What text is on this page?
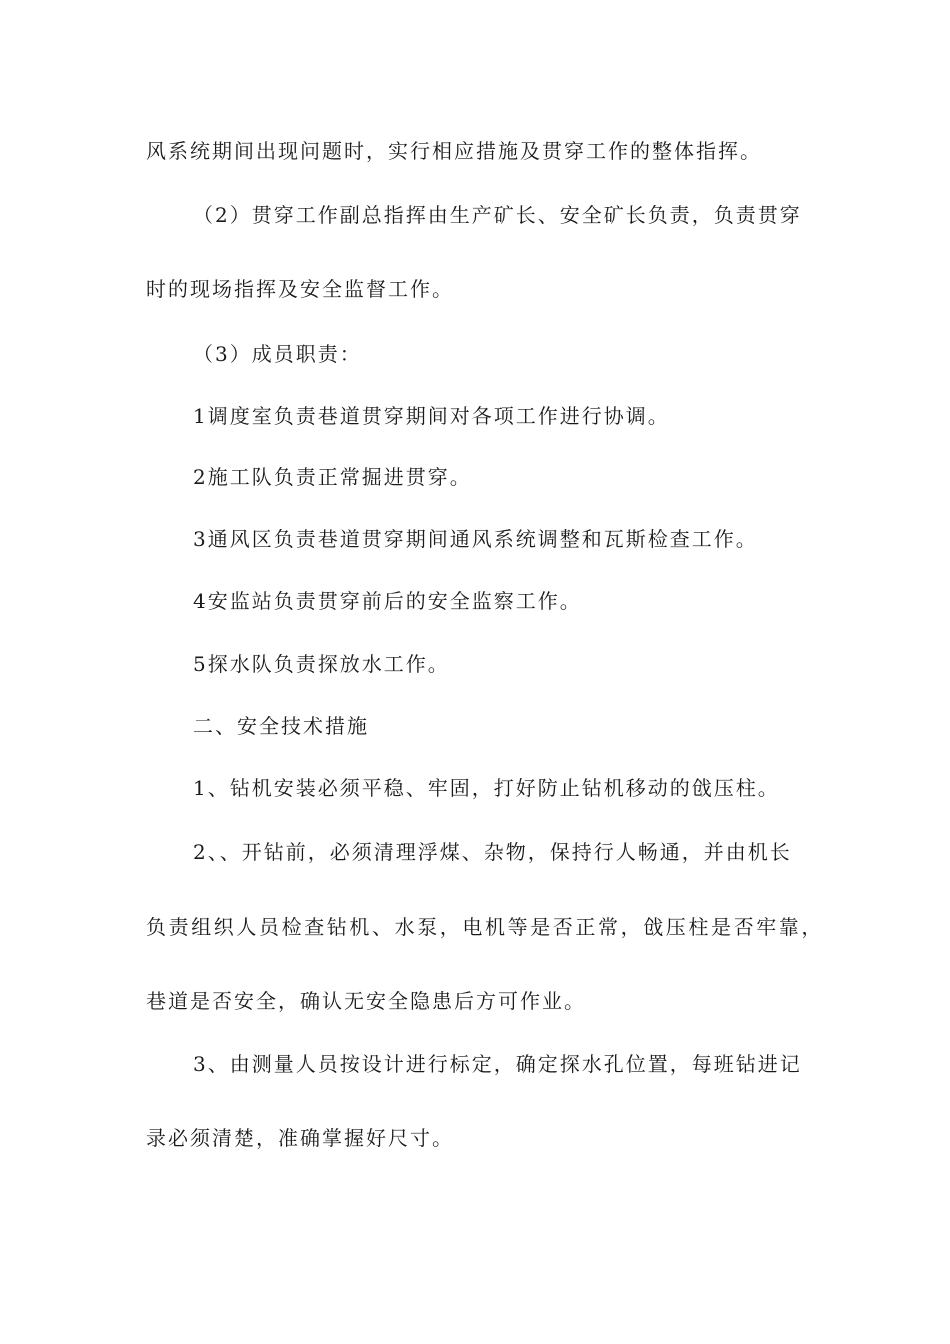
风系统期间出现问题时，实行相应措施及贯穿工作的整体指挥。

（2）贯穿工作副总指挥由生产矿长、安全矿长负责，负责贯穿

时的现场指挥及安全监督工作。

（3）成员职责：

1调度室负责巷道贯穿期间对各项工作进行协调。

2施工队负责正常掘进贯穿。

3通风区负责巷道贯穿期间通风系统调整和瓦斯检查工作。

4安监站负责贯穿前后的安全监察工作。

5探水队负责探放水工作。

二、安全技术措施

1、钻机安装必须平稳、牢固，打好防止钻机移动的戗压柱。

2、、开钻前，必须清理浮煤、杂物，保持行人畅通，并由机长

负责组织人员检查钻机、水泵，电机等是否正常，戗压柱是否牢靠，

巷道是否安全，确认无安全隐患后方可作业。

3、由测量人员按设计进行标定，确定探水孔位置，每班钻进记

录必须清楚，准确掌握好尺寸。
